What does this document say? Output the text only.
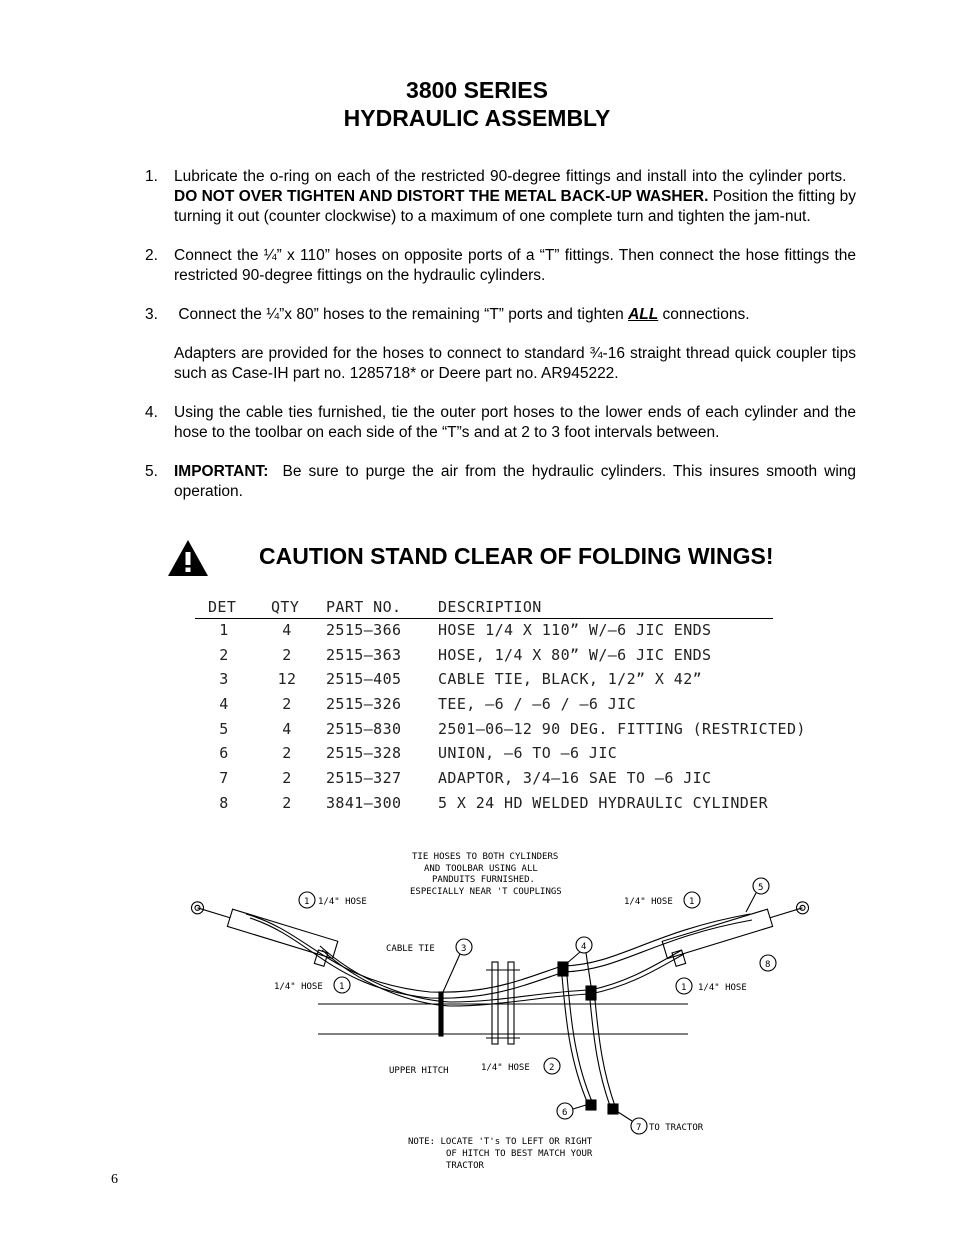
3800 SERIES
HYDRAULIC ASSEMBLY
1. Lubricate the o-ring on each of the restricted 90-degree fittings and install into the cylinder ports.   DO NOT OVER TIGHTEN AND DISTORT THE METAL BACK-UP WASHER. Position the fitting by turning it out (counter clockwise) to a maximum of one complete turn and tighten the jam-nut.

2. Connect the ¼” x 110” hoses on opposite ports of a “T” fittings. Then connect the hose fittings the restricted 90-degree fittings on the hydraulic cylinders.

3. Connect the ¼”x 80” hoses to the remaining “T” ports and tighten ALL connections.

Adapters are provided for the hoses to connect to standard ¾-16 straight thread quick coupler tips such as Case-IH part no. 1285718* or Deere part no. AR945222.

4. Using the cable ties furnished, tie the outer port hoses to the lower ends of each cylinder and the hose to the toolbar on each side of the “T”s and at 2 to 3 foot intervals between.

5. IMPORTANT: Be sure to purge the air from the hydraulic cylinders. This insures smooth wing operation.

CAUTION STAND CLEAR OF FOLDING WINGS!
DET QTY PART NO. DESCRIPTION
1	4	2515–366 HOSE 1/4 X 110” W/–6 JIC ENDS
2	2	2515–363 HOSE, 1/4 X 80” W/–6 JIC ENDS
3	12 2515–405 CABLE TIE, BLACK, 1/2” X 42”
4	2	2515–326 TEE, –6 / –6 / –6 JIC
5	4	2515–830 2501–06–12 90 DEG. FITTING (RESTRICTED)
6	2	2515–328 UNION, –6 TO –6 JIC
7	2	2515–327 ADAPTOR, 3/4–16 SAE TO –6 JIC
8	2	3841–300 5 X 24 HD WELDED HYDRAULIC CYLINDER
TIE HOSES TO BOTH CYLINDERS
AND TOOLBAR USING ALL
PANDUITS FURNISHED.
ESPECIALLY NEAR 'T COUPLINGS
1 1/4" HOSE
1/4" HOSE 1
CABLE TIE	3	4
1/4" HOSE 1
5
8
1 1/4" HOSE
1/4" HOSE 2
UPPER HITCH
6
7 TO TRACTOR
NOTE: LOCATE 'T's TO LEFT OR RIGHT
OF HITCH TO BEST MATCH YOUR
TRACTOR
6
